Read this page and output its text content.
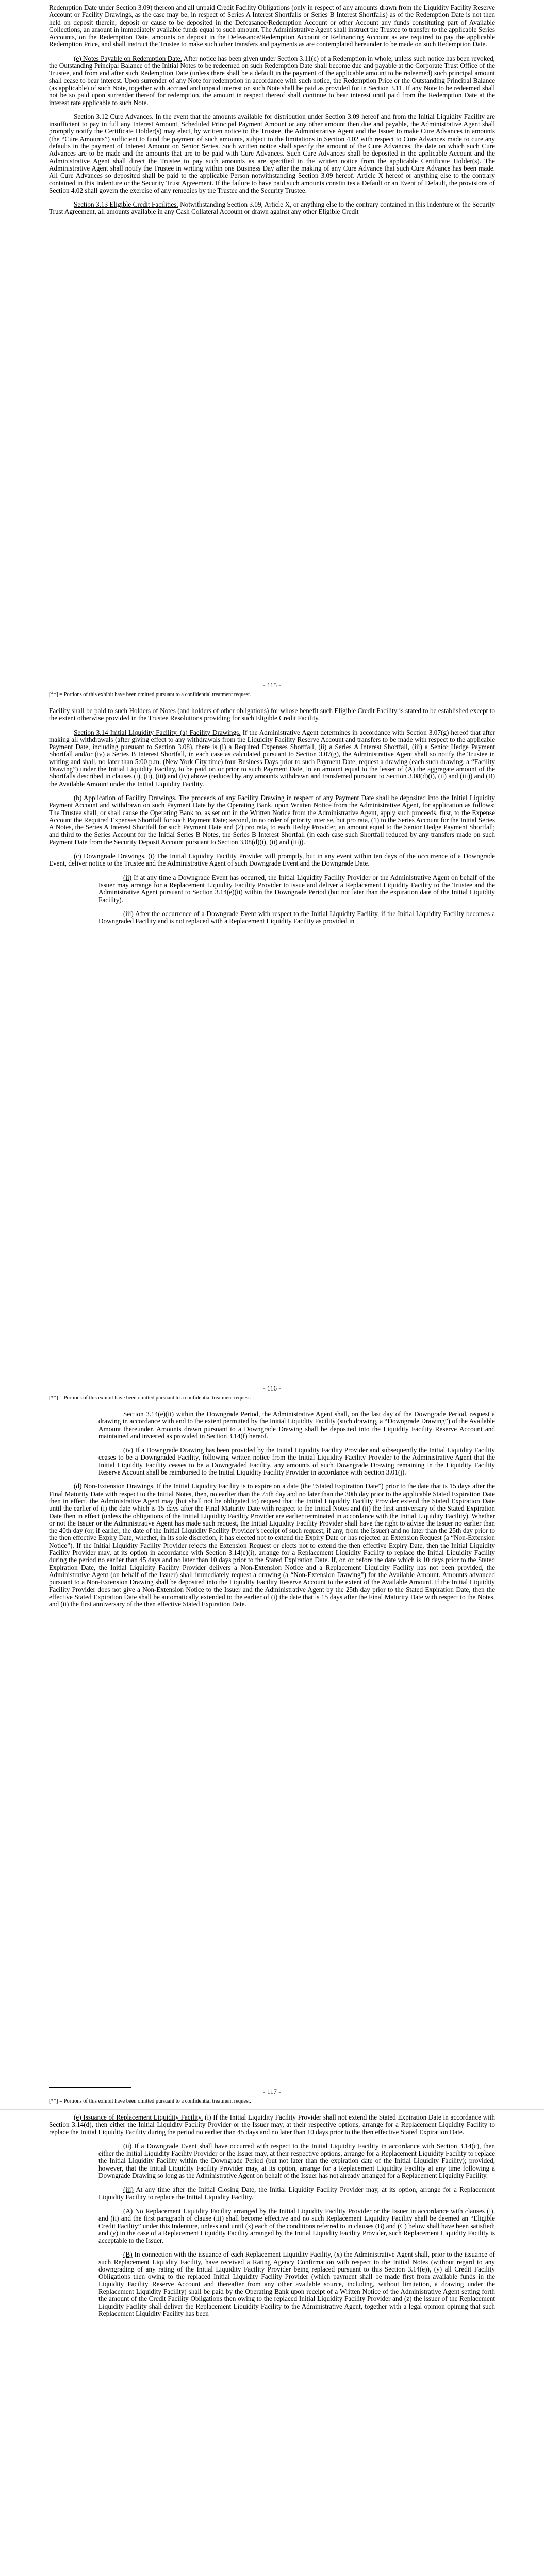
Redemption Date under Section 3.09) thereon and all unpaid Credit Facility Obligations (only in respect of any amounts drawn from the Liquidity Facility Reserve Account or Facility Drawings, as the case may be, in respect of Series A Interest Shortfalls or Series B Interest Shortfalls) as of the Redemption Date is not then held on deposit therein, deposit or cause to be deposited in the Defeasance/Redemption Account or other Account any funds constituting part of Available Collections, an amount in immediately available funds equal to such amount. The Administrative Agent shall instruct the Trustee to transfer to the applicable Series Accounts, on the Redemption Date, amounts on deposit in the Defeasance/Redemption Account or Refinancing Account as are required to pay the applicable Redemption Price, and shall instruct the Trustee to make such other transfers and payments as are contemplated hereunder to be made on such Redemption Date.

(e) Notes Payable on Redemption Date. After notice has been given under Section 3.11(c) of a Redemption in whole, unless such notice has been revoked, the Outstanding Principal Balance of the Initial Notes to be redeemed on such Redemption Date shall become due and payable at the Corporate Trust Office of the Trustee, and from and after such Redemption Date (unless there shall be a default in the payment of the applicable amount to be redeemed) such principal amount shall cease to bear interest. Upon surrender of any Note for redemption in accordance with such notice, the Redemption Price or the Outstanding Principal Balance (as applicable) of such Note, together with accrued and unpaid interest on such Note shall be paid as provided for in Section 3.11. If any Note to be redeemed shall not be so paid upon surrender thereof for redemption, the amount in respect thereof shall continue to bear interest until paid from the Redemption Date at the interest rate applicable to such Note.

Section 3.12 Cure Advances. In the event that the amounts available for distribution under Section 3.09 hereof and from the Initial Liquidity Facility are insufficient to pay in full any Interest Amount, Scheduled Principal Payment Amount or any other amount then due and payable, the Administrative Agent shall promptly notify the Certificate Holder(s) may elect, by written notice to the Trustee, the Administrative Agent and the Issuer to make Cure Advances in amounts (the “Cure Amounts”) sufficient to fund the payment of such amounts, subject to the limitations in Section 4.02 with respect to Cure Advances made to cure any defaults in the payment of Interest Amount on Senior Series. Such written notice shall specify the amount of the Cure Advances, the date on which such Cure Advances are to be made and the amounts that are to be paid with Cure Advances. Such Cure Advances shall be deposited in the applicable Account and the Administrative Agent shall direct the Trustee to pay such amounts as are specified in the written notice from the applicable Certificate Holder(s). The Administrative Agent shall notify the Trustee in writing within one Business Day after the making of any Cure Advance that such Cure Advance has been made. All Cure Advances so deposited shall be paid to the applicable Person notwithstanding Section 3.09 hereof. Article X hereof or anything else to the contrary contained in this Indenture or the Security Trust Agreement. If the failure to have paid such amounts constitutes a Default or an Event of Default, the provisions of Section 4.02 shall govern the exercise of any remedies by the Trustee and the Security Trustee.

Section 3.13 Eligible Credit Facilities. Notwithstanding Section 3.09, Article X, or anything else to the contrary contained in this Indenture or the Security Trust Agreement, all amounts available in any Cash Collateral Account or drawn against any other Eligible Credit

- 115 -
[**] = Portions of this exhibit have been omitted pursuant to a confidential treatment request.

Facility shall be paid to such Holders of Notes (and holders of other obligations) for whose benefit such Eligible Credit Facility is stated to be established except to the extent otherwise provided in the Trustee Resolutions providing for such Eligible Credit Facility.

Section 3.14 Initial Liquidity Facility. (a) Facility Drawings. If the Administrative Agent determines in accordance with Section 3.07(g) hereof that after making all withdrawals (after giving effect to any withdrawals from the Liquidity Facility Reserve Account and transfers to be made with respect to the applicable Payment Date, including pursuant to Section 3.08), there is (i) a Required Expenses Shortfall, (ii) a Series A Interest Shortfall, (iii) a Senior Hedge Payment Shortfall and/or (iv) a Series B Interest Shortfall, in each case as calculated pursuant to Section 3.07(g), the Administrative Agent shall so notify the Trustee in writing and shall, no later than 5:00 p.m. (New York City time) four Business Days prior to such Payment Date, request a drawing (each such drawing, a “Facility Drawing”) under the Initial Liquidity Facility, to be paid on or prior to such Payment Date, in an amount equal to the lesser of (A) the aggregate amount of the Shortfalls described in clauses (i), (ii), (iii) and (iv) above (reduced by any amounts withdrawn and transferred pursuant to Section 3.08(d)(i), (ii) and (iii)) and (B) the Available Amount under the Initial Liquidity Facility.

(b) Application of Facility Drawings. The proceeds of any Facility Drawing in respect of any Payment Date shall be deposited into the Initial Liquidity Payment Account and withdrawn on such Payment Date by the Operating Bank, upon Written Notice from the Administrative Agent, for application as follows: The Trustee shall, or shall cause the Operating Bank to, as set out in the Written Notice from the Administrative Agent, apply such proceeds, first, to the Expense Account the Required Expenses Shortfall for such Payment Date; second, in no order of priority inter se, but pro rata, (1) to the Series Account for the Initial Series A Notes, the Series A Interest Shortfall for such Payment Date and (2) pro rata, to each Hedge Provider, an amount equal to the Senior Hedge Payment Shortfall; and third to the Series Account for the Initial Series B Notes, the Series B Interest Shortfall (in each case such Shortfall reduced by any transfers made on such Payment Date from the Security Deposit Account pursuant to Section 3.08(d)(i), (ii) and (iii)).

(c) Downgrade Drawings. (i) The Initial Liquidity Facility Provider will promptly, but in any event within ten days of the occurrence of a Downgrade Event, deliver notice to the Trustee and the Administrative Agent of such Downgrade Event and the Downgrade Date.

(ii) If at any time a Downgrade Event has occurred, the Initial Liquidity Facility Provider or the Administrative Agent on behalf of the Issuer may arrange for a Replacement Liquidity Facility Provider to issue and deliver a Replacement Liquidity Facility to the Trustee and the Administrative Agent pursuant to Section 3.14(e)(ii) within the Downgrade Period (but not later than the expiration date of the Initial Liquidity Facility).

(iii) After the occurrence of a Downgrade Event with respect to the Initial Liquidity Facility, if the Initial Liquidity Facility becomes a Downgraded Facility and is not replaced with a Replacement Liquidity Facility as provided in

- 116 -
[**] = Portions of this exhibit have been omitted pursuant to a confidential treatment request.

Section 3.14(e)(ii) within the Downgrade Period, the Administrative Agent shall, on the last day of the Downgrade Period, request a drawing in accordance with and to the extent permitted by the Initial Liquidity Facility (such drawing, a “Downgrade Drawing”) of the Available Amount thereunder. Amounts drawn pursuant to a Downgrade Drawing shall be deposited into the Liquidity Facility Reserve Account and maintained and invested as provided in Section 3.14(f) hereof.

(iv) If a Downgrade Drawing has been provided by the Initial Liquidity Facility Provider and subsequently the Initial Liquidity Facility ceases to be a Downgraded Facility, following written notice from the Initial Liquidity Facility Provider to the Administrative Agent that the Initial Liquidity Facility ceases to be a Downgraded Facility, any amounts of such Downgrade Drawing remaining in the Liquidity Facility Reserve Account shall be reimbursed to the Initial Liquidity Facility Provider in accordance with Section 3.01(j).

(d) Non-Extension Drawings. If the Initial Liquidity Facility is to expire on a date (the “Stated Expiration Date”) prior to the date that is 15 days after the Final Maturity Date with respect to the Initial Notes, then, no earlier than the 75th day and no later than the 30th day prior to the applicable Stated Expiration Date then in effect, the Administrative Agent may (but shall not be obligated to) request that the Initial Liquidity Facility Provider extend the Stated Expiration Date until the earlier of (i) the date which is 15 days after the Final Maturity Date with respect to the Initial Notes and (ii) the first anniversary of the Stated Expiration Date then in effect (unless the obligations of the Initial Liquidity Facility Provider are earlier terminated in accordance with the Initial Liquidity Facility). Whether or not the Issuer or the Administrative Agent has made such request, the Initial Liquidity Facility Provider shall have the right to advise the Issuer no earlier than the 40th day (or, if earlier, the date of the Initial Liquidity Facility Provider’s receipt of such request, if any, from the Issuer) and no later than the 25th day prior to the then effective Expiry Date, whether, in its sole discretion, it has elected not to extend the Expiry Date or has rejected an Extension Request (a “Non-Extension Notice”). If the Initial Liquidity Facility Provider rejects the Extension Request or elects not to extend the then effective Expiry Date, then the Initial Liquidity Facility Provider may, at its option in accordance with Section 3.14(e)(i), arrange for a Replacement Liquidity Facility to replace the Initial Liquidity Facility during the period no earlier than 45 days and no later than 10 days prior to the Stated Expiration Date. If, on or before the date which is 10 days prior to the Stated Expiration Date, the Initial Liquidity Facility Provider delivers a Non-Extension Notice and a Replacement Liquidity Facility has not been provided, the Administrative Agent (on behalf of the Issuer) shall immediately request a drawing (a “Non-Extension Drawing”) for the Available Amount. Amounts advanced pursuant to a Non-Extension Drawing shall be deposited into the Liquidity Facility Reserve Account to the extent of the Available Amount. If the Initial Liquidity Facility Provider does not give a Non-Extension Notice to the Issuer and the Administrative Agent by the 25th day prior to the Stated Expiration Date, then the effective Stated Expiration Date shall be automatically extended to the earlier of (i) the date that is 15 days after the Final Maturity Date with respect to the Notes, and (ii) the first anniversary of the then effective Stated Expiration Date.

- 117 -
[**] = Portions of this exhibit have been omitted pursuant to a confidential treatment request.

(e) Issuance of Replacement Liquidity Facility. (i) If the Initial Liquidity Facility Provider shall not extend the Stated Expiration Date in accordance with Section 3.14(d), then either the Initial Liquidity Facility Provider or the Issuer may, at their respective options, arrange for a Replacement Liquidity Facility to replace the Initial Liquidity Facility during the period no earlier than 45 days and no later than 10 days prior to the then effective Stated Expiration Date.

(ii) If a Downgrade Event shall have occurred with respect to the Initial Liquidity Facility in accordance with Section 3.14(c), then either the Initial Liquidity Facility Provider or the Issuer may, at their respective options, arrange for a Replacement Liquidity Facility to replace the Initial Liquidity Facility within the Downgrade Period (but not later than the expiration date of the Initial Liquidity Facility); provided, however, that the Initial Liquidity Facility Provider may, at its option, arrange for a Replacement Liquidity Facility at any time following a Downgrade Drawing so long as the Administrative Agent on behalf of the Issuer has not already arranged for a Replacement Liquidity Facility.

(iii) At any time after the Initial Closing Date, the Initial Liquidity Facility Provider may, at its option, arrange for a Replacement Liquidity Facility to replace the Initial Liquidity Facility.

(A) No Replacement Liquidity Facility arranged by the Initial Liquidity Facility Provider or the Issuer in accordance with clauses (i), and (ii) and the first paragraph of clause (iii) shall become effective and no such Replacement Liquidity Facility shall be deemed an “Eligible Credit Facility” under this Indenture, unless and until (x) each of the conditions referred to in clauses (B) and (C) below shall have been satisfied; and (y) in the case of a Replacement Liquidity Facility arranged by the Initial Liquidity Facility Provider, such Replacement Liquidity Facility is acceptable to the Issuer.

(B) In connection with the issuance of each Replacement Liquidity Facility, (x) the Administrative Agent shall, prior to the issuance of such Replacement Liquidity Facility, have received a Rating Agency Confirmation with respect to the Initial Notes (without regard to any downgrading of any rating of the Initial Liquidity Facility Provider being replaced pursuant to this Section 3.14(e)), (y) all Credit Facility Obligations then owing to the replaced Initial Liquidity Facility Provider (which payment shall be made first from available funds in the Liquidity Facility Reserve Account and thereafter from any other available source, including, without limitation, a drawing under the Replacement Liquidity Facility) shall be paid by the Operating Bank upon receipt of a Written Notice of the Administrative Agent setting forth the amount of the Credit Facility Obligations then owing to the replaced Initial Liquidity Facility Provider and (z) the issuer of the Replacement Liquidity Facility shall deliver the Replacement Liquidity Facility to the Administrative Agent, together with a legal opinion opining that such Replacement Liquidity Facility has been
